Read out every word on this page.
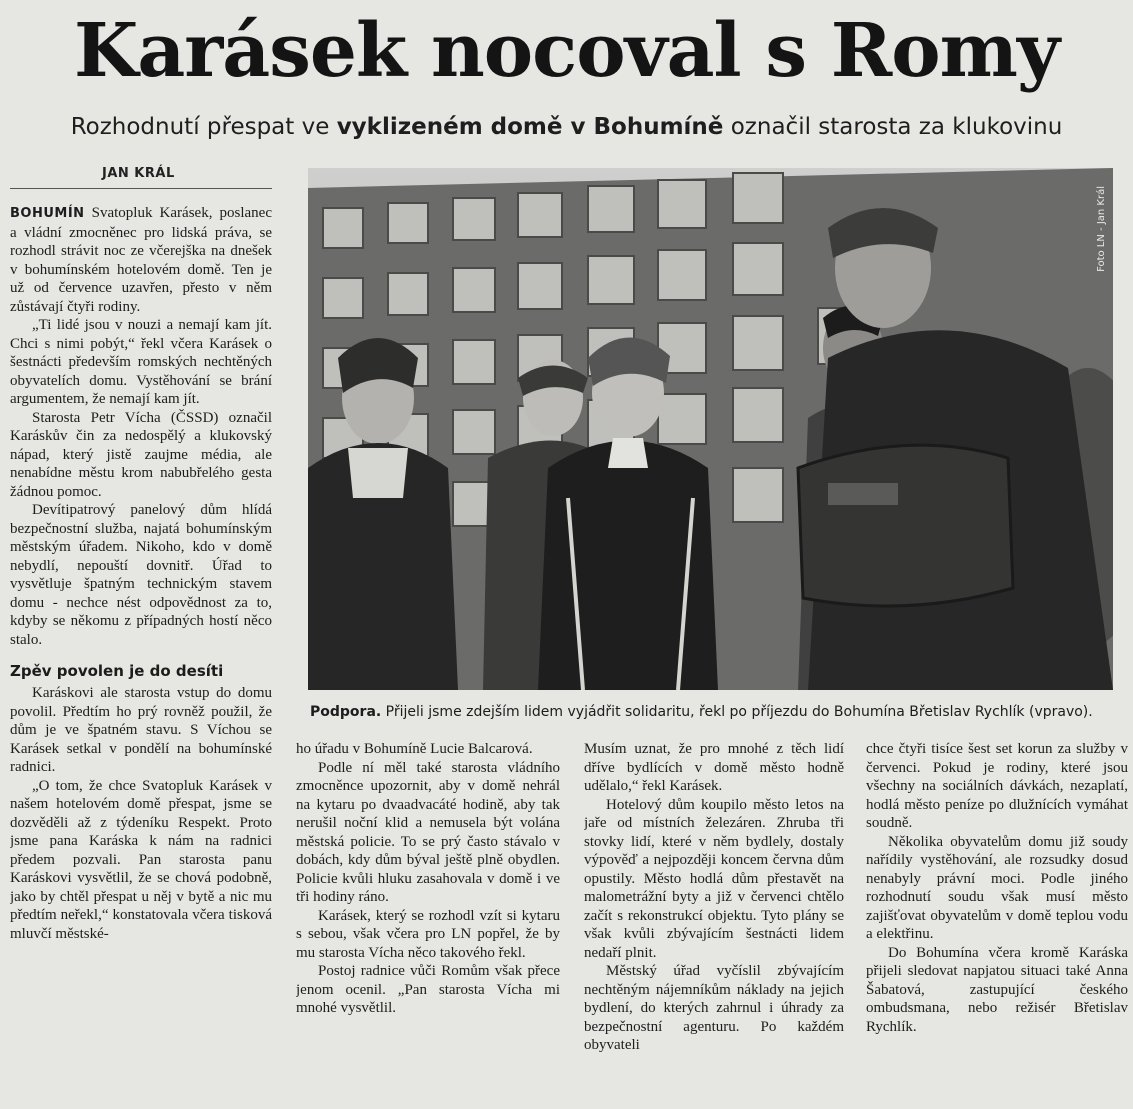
Karásek nocoval s Romy
Rozhodnutí přespat ve vyklizeném domě v Bohumíně označil starosta za klukovinu
JAN KRÁL

BOHUMÍN Svatopluk Karásek, poslanec a vládní zmocněnec pro lidská práva, se rozhodl strávit noc ze včerejška na dnešek v bohumínském hotelovém domě. Ten je už od července uzavřen, přesto v něm zůstávají čtyři rodiny.

„Ti lidé jsou v nouzi a nemají kam jít. Chci s nimi pobýt,“ řekl včera Karásek o šestnácti především romských nechtěných obyvatelích domu. Vystěhování se brání argumentem, že nemají kam jít.

Starosta Petr Vícha (ČSSD) označil Karáskův čin za nedospělý a klukovský nápad, který jistě zaujme média, ale nenabídne městu krom nabubřelého gesta žádnou pomoc.

Devítipatrový panelový dům hlídá bezpečnostní služba, najatá bohumínským městským úřadem. Nikoho, kdo v domě nebydlí, nepouští dovnitř. Úřad to vysvětluje špatným technickým stavem domu - nechce nést odpovědnost za to, kdyby se někomu z případných hostí něco stalo.

Zpěv povolen je do desíti

Karáskovi ale starosta vstup do domu povolil. Předtím ho prý rovněž použil, že dům je ve špatném stavu. S Víchou se Karásek setkal v pondělí na bohumínské radnici.

„O tom, že chce Svatopluk Karásek v našem hotelovém domě přespat, jsme se dozvěděli až z týdeníku Respekt. Proto jsme pana Karáska k nám na radnici předem pozvali. Pan starosta panu Karáskovi vysvětlil, že se chová podobně, jako by chtěl přespat u něj v bytě a nic mu předtím neřekl,“ konstatovala včera tisková mluvčí městské-

Foto LN - Jan Král
Podpora. Přijeli jsme zdejším lidem vyjádřit solidaritu, řekl po příjezdu do Bohumína Břetislav Rychlík (vpravo).

ho úřadu v Bohumíně Lucie Balcarová.

Podle ní měl také starosta vládního zmocněnce upozornit, aby v domě nehrál na kytaru po dvaadvacáté hodině, aby tak nerušil noční klid a nemusela být volána městská policie. To se prý často stávalo v dobách, kdy dům býval ještě plně obydlen. Policie kvůli hluku zasahovala v domě i ve tři hodiny ráno.

Karásek, který se rozhodl vzít si kytaru s sebou, však včera pro LN popřel, že by mu starosta Vícha něco takového řekl.

Postoj radnice vůči Romům však přece jenom ocenil. „Pan starosta Vícha mi mnohé vysvětlil.

Musím uznat, že pro mnohé z těch lidí dříve bydlících v domě město hodně udělalo,“ řekl Karásek.

Hotelový dům koupilo město letos na jaře od místních železáren. Zhruba tři stovky lidí, které v něm bydlely, dostaly výpověď a nejpozději koncem června dům opustily. Město hodlá dům přestavět na malometrážní byty a již v červenci chtělo začít s rekonstrukcí objektu. Tyto plány se však kvůli zbývajícím šestnácti lidem nedaří plnit.

Městský úřad vyčíslil zbývajícím nechtěným nájemníkům náklady na jejich bydlení, do kterých zahrnul i úhrady za bezpečnostní agenturu. Po každém obyvateli

chce čtyři tisíce šest set korun za služby v červenci. Pokud je rodiny, které jsou všechny na sociálních dávkách, nezaplatí, hodlá město peníze po dlužnících vymáhat soudně.

Několika obyvatelům domu již soudy nařídily vystěhování, ale rozsudky dosud nenabyly právní moci. Podle jiného rozhodnutí soudu však musí město zajišťovat obyvatelům v domě teplou vodu a elektřinu.

Do Bohumína včera kromě Karáska přijeli sledovat napjatou situaci také Anna Šabatová, zastupující českého ombudsmana, nebo režisér Břetislav Rychlík.
